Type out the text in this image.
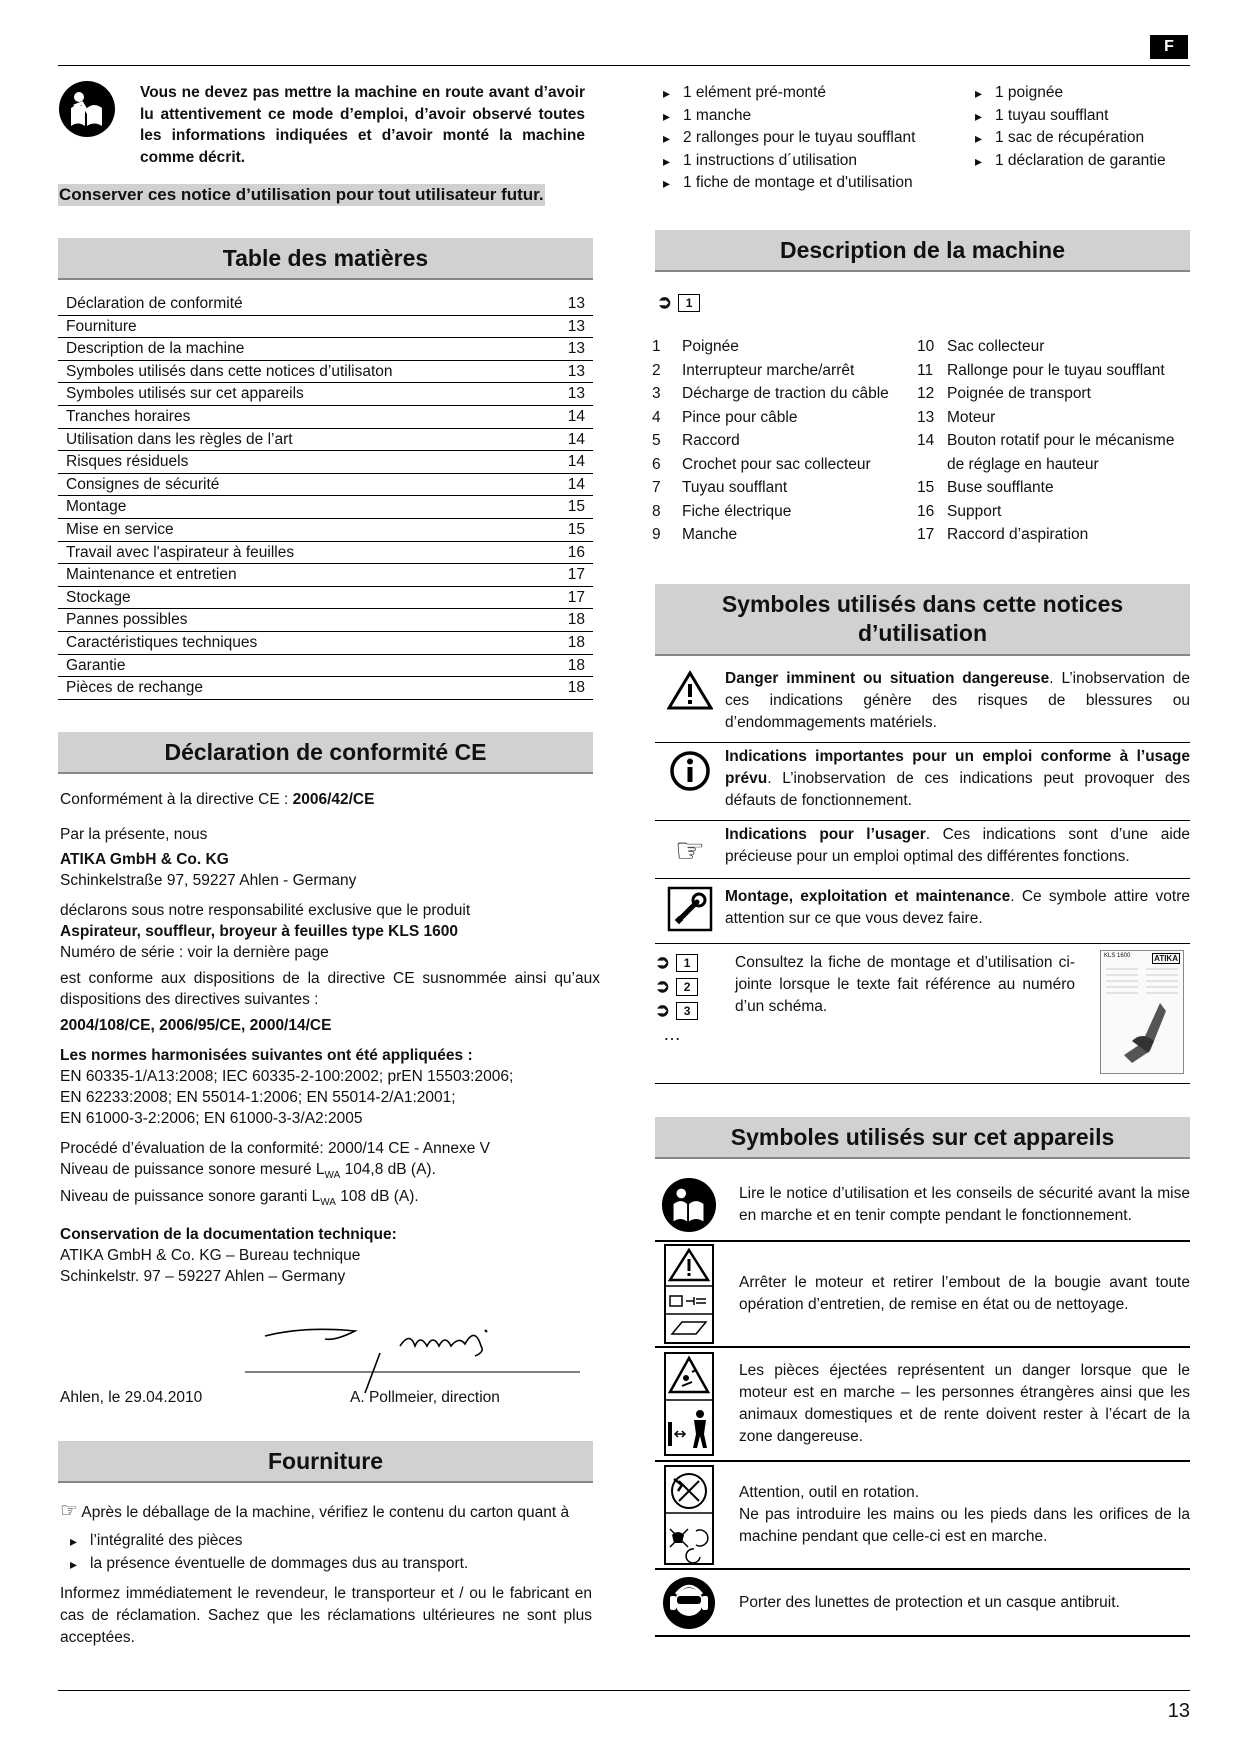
F
Vous ne devez pas mettre la machine en route avant d’avoir lu attentivement ce mode d’emploi, d’avoir observé toutes les informations indiquées et d’avoir monté la machine comme décrit.
Conserver ces notice d’utilisation pour tout utilisateur futur.
▸ 1 elément pré-monté
▸ 1 manche
▸ 2 rallonges pour le tuyau soufflant
▸ 1 instructions d´utilisation
▸ 1 fiche de montage et d'utilisation
▸ 1 poignée
▸ 1 tuyau soufflant
▸ 1 sac de récupération
▸ 1 déclaration de garantie
Table des matières
Déclaration de conformité	13
Fourniture	13
Description de la machine	13
Symboles utilisés dans cette notices d’utilisaton	13
Symboles utilisés sur cet appareils	13
Tranches horaires	14
Utilisation dans les règles de l’art	14
Risques résiduels	14
Consignes de sécurité	14
Montage	15
Mise en service	15
Travail avec l'aspirateur à feuilles	16
Maintenance et entretien	17
Stockage	17
Pannes possibles	18
Caractéristiques techniques	18
Garantie	18
Pièces de rechange	18
Déclaration de conformité CE

Conformément à la directive CE : 2006/42/CE

Par la présente, nous

ATIKA GmbH & Co. KG

Schinkelstraße 97, 59227 Ahlen - Germany

déclarons sous notre responsabilité exclusive que le produit

Aspirateur, souffleur, broyeur à feuilles type KLS 1600

Numéro de série : voir la dernière page

est conforme aux dispositions de la directive CE susnommée ainsi qu’aux dispositions des directives suivantes :

2004/108/CE, 2006/95/CE, 2000/14/CE

Les normes harmonisées suivantes ont été appliquées :

EN 60335-1/A13:2008; IEC 60335-2-100:2002; prEN 15503:2006;

EN 62233:2008; EN 55014-1:2006; EN 55014-2/A1:2001;

EN 61000-3-2:2006; EN 61000-3-3/A2:2005

Procédé d’évaluation de la conformité: 2000/14 CE - Annexe V

Niveau de puissance sonore mesuré $L_{WA}$ 104,8 dB (A).

Niveau de puissance sonore garanti $L_{WA}$ 108 dB (A).

Conservation de la documentation technique:

ATIKA GmbH & Co. KG – Bureau technique

Schinkelstr. 97 – 59227 Ahlen – Germany

Ahlen, le 29.04.2010	A. Pollmeier, direction
Fourniture
☞ Après le déballage de la machine, vérifiez le contenu du carton quant à
▸ l’intégralité des pièces
▸ la présence éventuelle de dommages dus au transport.
Informez immédiatement le revendeur, le transporteur et / ou le fabricant en cas de réclamation. Sachez que les réclamations ultérieures ne sont plus acceptées.
Description de la machine
➲	1
1	Poignée
2	Interrupteur marche/arrêt
3	Décharge de traction du câble
4	Pince pour câble
5	Raccord
6	Crochet pour sac collecteur
7	Tuyau soufflant
8	Fiche électrique
9	Manche
10 Sac collecteur
11 Rallonge pour le tuyau soufflant
12 Poignée de transport
13 Moteur
14 Bouton rotatif pour le mécanisme de réglage en hauteur
15 Buse soufflante
16 Support
17 Raccord d’aspiration
Symboles utilisés dans cette notices
d’utilisation
Danger imminent ou situation dangereuse. L’inobservation de ces indications génère des risques de blessures ou d’endommagements matériels.
Indications importantes pour un emploi conforme à l’usage prévu. L’inobservation de ces indications peut provoquer des défauts de fonctionnement.
☞	Indications pour l’usager. Ces indications sont d’une aide précieuse pour un emploi optimal des différentes fonctions.
Montage, exploitation et maintenance. Ce symbole attire votre attention sur ce que vous devez faire.
➲	1
➲	2
➲	3
…
Consultez la fiche de montage et d’utilisation ci-jointe lorsque le texte fait référence au numéro d’un schéma.
KLS 1600	ATIKA
Symboles utilisés sur cet appareils
Lire le notice d’utilisation et les conseils de sécurité avant la mise en marche et en tenir compte pendant le fonctionnement.
Arrêter le moteur et retirer l’embout de la bougie avant toute opération d’entretien, de remise en état ou de nettoyage.
Les pièces éjectées représentent un danger lorsque que le moteur est en marche – les personnes étrangères ainsi que les animaux domestiques et de rente doivent rester à l’écart de la zone dangereuse.
Attention, outil en rotation.
Ne pas introduire les mains ou les pieds dans les orifices de la machine pendant que celle-ci est en marche.
Porter des lunettes de protection et un casque antibruit.
13
